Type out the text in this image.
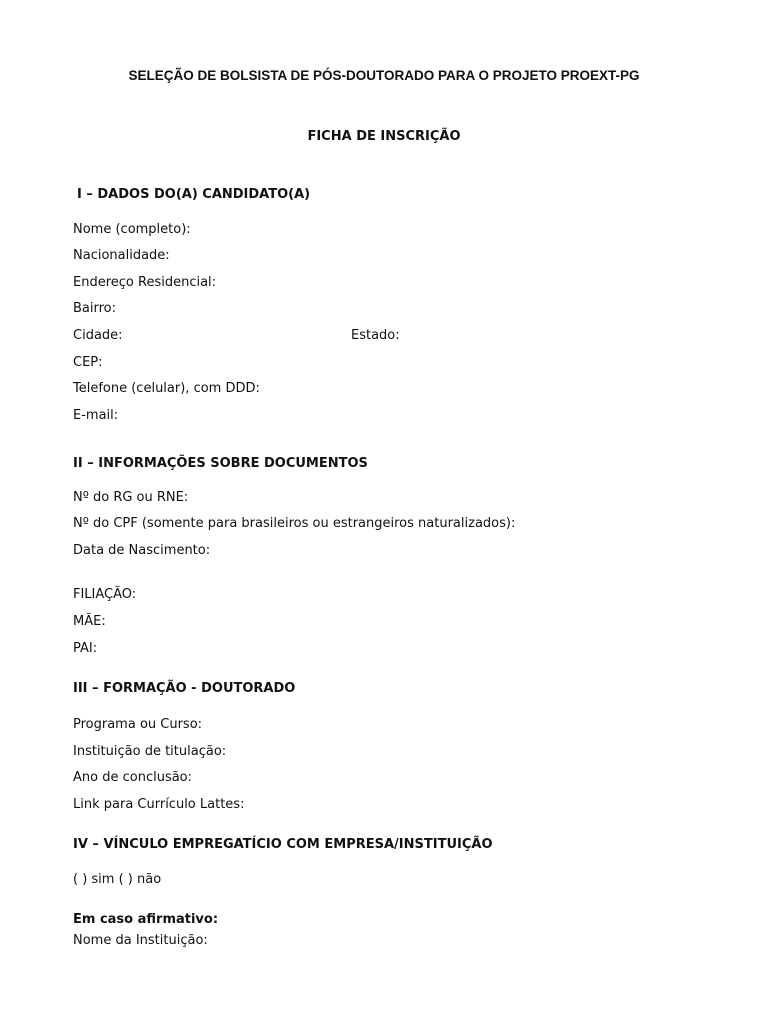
SELEÇÃO DE BOLSISTA DE PÓS-DOUTORADO PARA O PROJETO PROEXT-PG
FICHA DE INSCRIÇÃO
I – DADOS DO(A) CANDIDATO(A)
Nome (completo):
Nacionalidade:
Endereço Residencial:
Bairro:
Cidade:	Estado:
CEP:
Telefone (celular), com DDD:
E-mail:
II – INFORMAÇÕES SOBRE DOCUMENTOS
Nº do RG ou RNE:
Nº do CPF (somente para brasileiros ou estrangeiros naturalizados):
Data de Nascimento:
FILIAÇÃO:
MÃE:
PAI:
III – FORMAÇÃO - DOUTORADO
Programa ou Curso:
Instituição de titulação:
Ano de conclusão:
Link para Currículo Lattes:
IV – VÍNCULO EMPREGATÍCIO COM EMPRESA/INSTITUIÇÃO
( ) sim ( ) não
Em caso afirmativo:
Nome da Instituição:
